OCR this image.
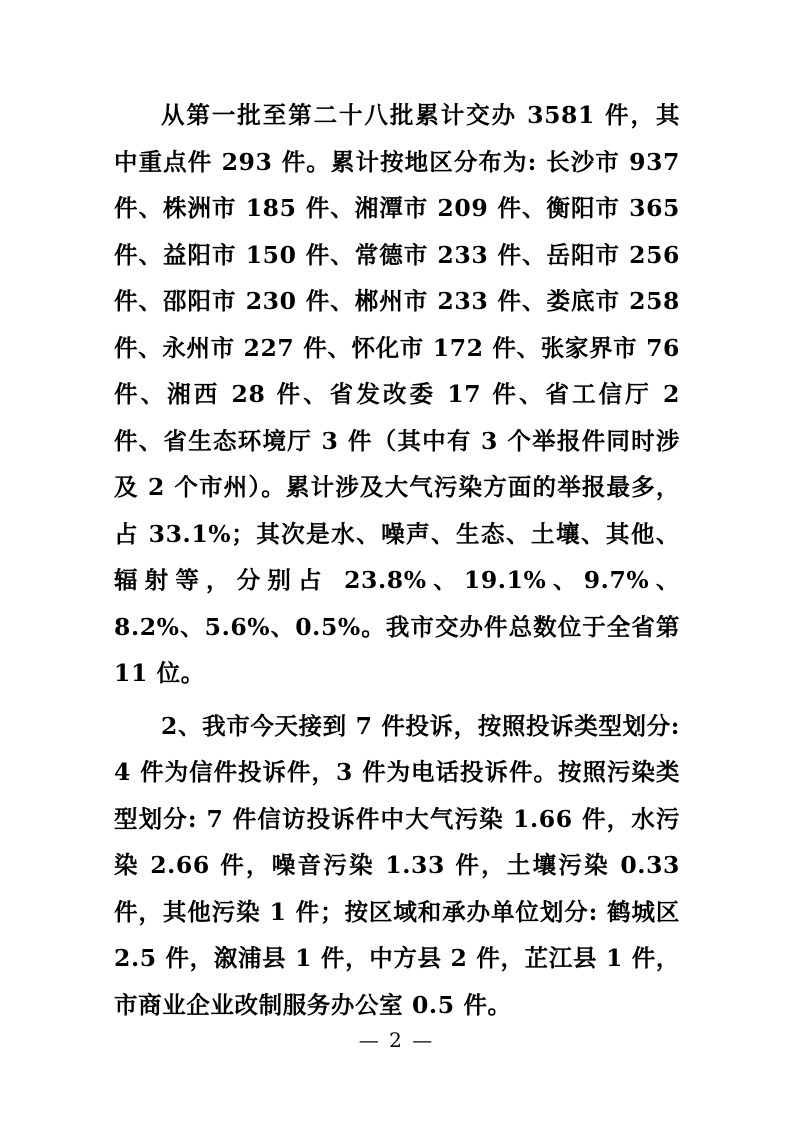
从第一批至第二十八批累计交办 3581 件，其中重点件 293 件。累计按地区分布为: 长沙市 937 件、株洲市 185 件、湘潭市 209 件、衡阳市 365 件、益阳市 150 件、常德市 233 件、岳阳市 256 件、邵阳市 230 件、郴州市 233 件、娄底市 258 件、永州市 227 件、怀化市 172 件、张家界市 76 件、湘西 28 件、省发改委 17 件、省工信厅 2 件、省生态环境厅 3 件（其中有 3 个举报件同时涉及 2 个市州）。累计涉及大气污染方面的举报最多，占 33.1%；其次是水、噪声、生态、土壤、其他、辐射等，分别占 23.8%、19.1%、9.7%、8.2%、5.6%、0.5%。我市交办件总数位于全省第 11 位。

2、我市今天接到 7 件投诉，按照投诉类型划分: 4 件为信件投诉件，3 件为电话投诉件。按照污染类型划分: 7 件信访投诉件中大气污染 1.66 件，水污染 2.66 件，噪音污染 1.33 件，土壤污染 0.33 件，其他污染 1 件；按区域和承办单位划分: 鹤城区 2.5 件，溆浦县 1 件，中方县 2 件，芷江县 1 件，市商业企业改制服务办公室 0.5 件。

— 2 —
